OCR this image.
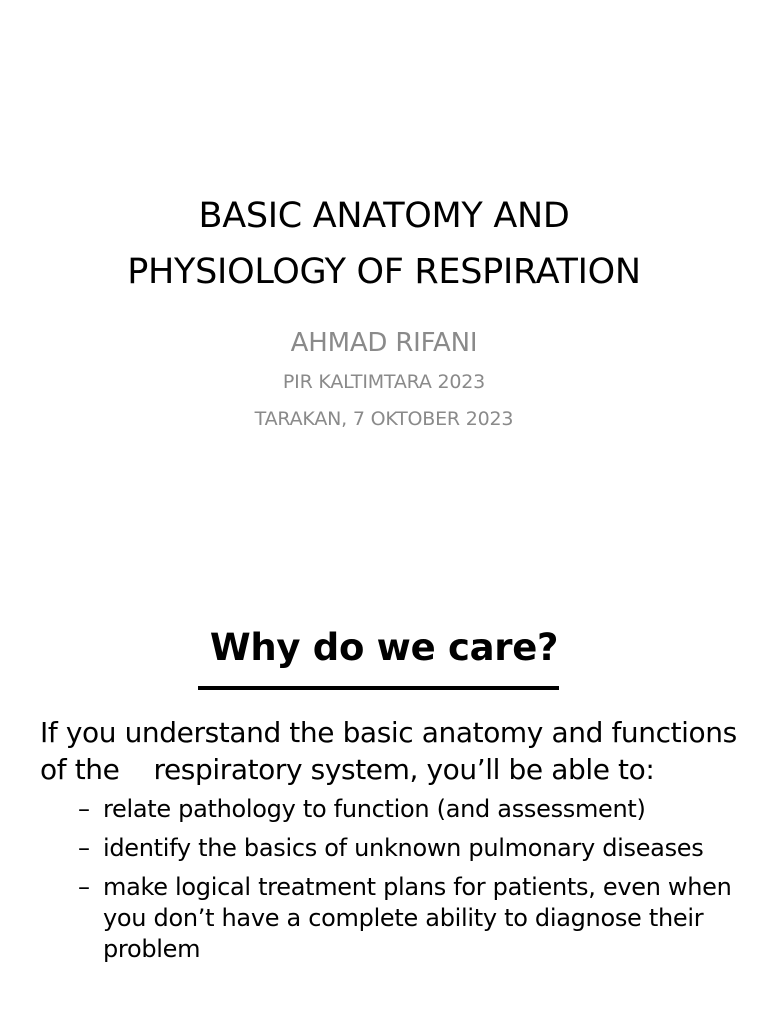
BASIC ANATOMY AND
PHYSIOLOGY OF RESPIRATION
AHMAD RIFANI
PIR KALTIMTARA 2023
TARAKAN, 7 OKTOBER 2023
Why do we care?

If you understand the basic anatomy and functions of the respiratory system, you’ll be able to:

– relate pathology to function (and assessment)
– identify the basics of unknown pulmonary diseases
– make logical treatment plans for patients, even when you don’t have a complete ability to diagnose their problem
